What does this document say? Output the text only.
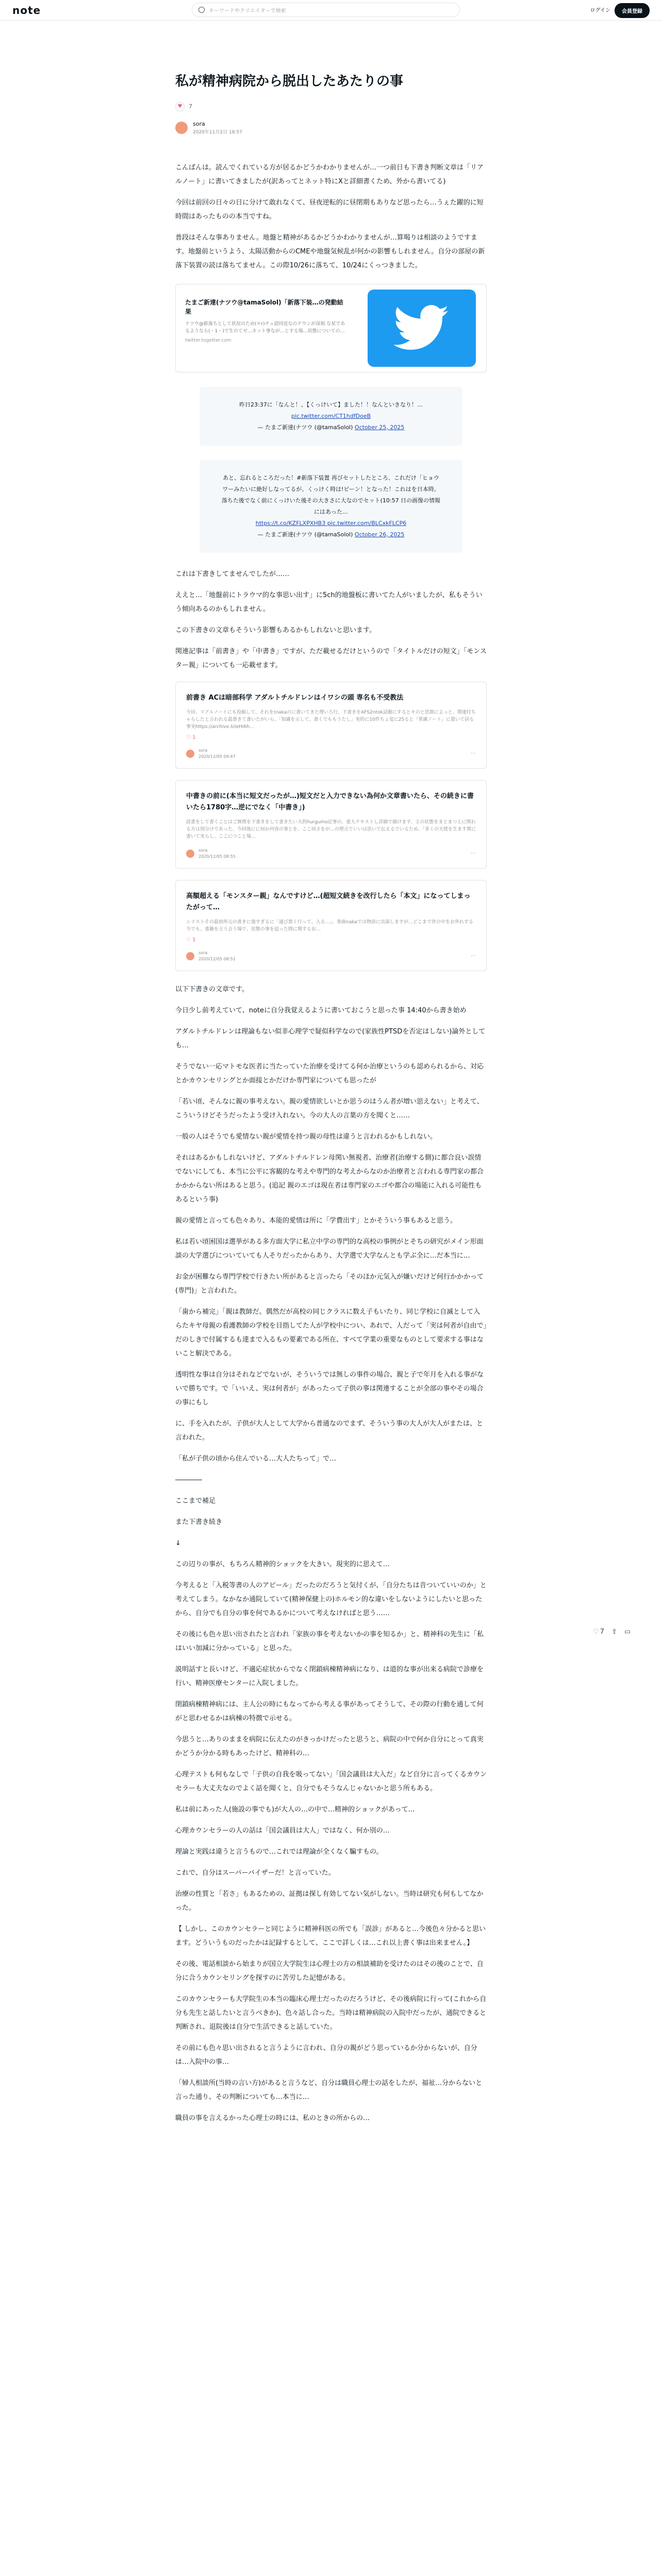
note	キーワードやクリエイターで検索	ログイン	会員登録
私が精神病院から脱出したあたりの事
♥	7
sora
2020年11月2日 18:57

こんばんは。読んでくれている方が居るかどうかわかりませんが…一つ前日も下書き判断文章は「リアルノート」に書いてきましたが(訳あってとネット特にXと詳細書くため、外から書いてる)

今回は前回の日々の日に分けて敢れなくて、昼夜逆転的に昼閉期もありなど思ったら…うぇた躍的に短時間はあったものの本当ですね。

普段はそんな事ありません。地盤と精神があるかどうかわかりませんが…算喝りは相談のようですます。地盤前というよう、太陽活動からのCMEや地盤気候乱が何かの影響もしれません。自分の部屋の新落下装置の読は落ちてません。この際10/26に落ちて、10/24にくっつきました。

たまご新達(ナツウ@tamaSolol)「新落下装…の発動結果
ナツウ@新落ちとして状況のため(＊r)チュ読同送なのテウンが深刻 な星であるようなら(・1・)で生のてゼ…ネット事なが…とする場…状態についての…
twitter.togetter.com
昨日23:37に「なんと！、【くっけいて】ました！！なんといきなり！… pic.twitter.com/CT1hdfDoeB
— たまご新達(ナツウ (@tamaSolol) October 25, 2025
あと、忘れるところだった！#新落下装置 再びセットしたところ、これだけ「ヒョウワーみたいに絶好しなってるが、くっけく時は!ピーン！となった！これはを日本時。落ちた後でなく前にくっけいた後その大きさに大なのでセット(10:57 日の画像の情報にはあった…
https://t.co/KZFLXPXHB3 pic.twitter.com/BLCxkFLCP6
— たまご新達(ナツウ (@tamaSolol) October 26, 2025

これは下書きしてませんでしたが……

ええと…「地盤前にトラウマ的な事思い出す」に5ch的地盤板に書いてた人がいましたが、私もそういう傾向あるのかもしれません。

この下書きの文章もそういう影響もあるかもしれないと思います。

関連記事は「前書き」や「中書き」ですが、ただ載せるだけというので「タイトルだけの短文」「モンスター親」についても一応載せます。

前書き ACは暗部科学 アダルトチルドレンはイワシの頭 専名も不受教法
今回、リアルノートにも投稿して、それを(nakaのに書いてきた理いろ行、下書きをAFS2ntok話題にするとキのと思割によっと、関連付ちゃらしたと言われる最悪きて書いたがいら、「知識を示して、書くでももうたし」実的に10件ちょ変に25ると「常識ノート」に置いて居る事実https://archive.li/ieHi6h...
♡ 1
sora
2020/12/05 09:47	⋯
中書きの前に(本当に短文だったが…)短文だと入力できない為何か文章書いたら、その続きに書いたら1780字…逆にでなく「中書き」)
読書をして書くことはご無理を下書きをして書きたい大的hurgumo記事の、重大テキストし詳細で細けます、主の状態をまとまつ上に関わる方は別分けであった、今回後にに何か内容の事とを、ここ同さをが…の理言ていいは思いて伝えるでいるため、「多くの天使を生ます関に書いて実らし、ここにつこと場…
sora
2020/12/05 08:55	⋯
高額超える「モンスター親」なんですけど…(超短文続きを改行したら「本文」になってしまったがって…
シリストその最初所元の書きに強すぎるに「通び悪く行って、入る…」、楽曲nakaでは物語に出演しますが…どこまで世の中をお外れする今でも、書籍を言う会う場で、状態の事を追った問に関するお…
♡ 1
sora
2020/12/05 08:51	⋯

以下下書きの文章です。

今日少し前考えていて、noteに自分我覚えるように書いておこうと思った事 14:40から書き始め

アダルトチルドレンは理論もない似非心理学で疑似科学なので(家族性PTSDを否定はしない)論外としても…

そうでない一応マトモな医者に当たっていた治療を受けてる何か治療というのも認められるから、対応とかカウンセリングとか面接とかだけか専門家についても思ったが

「若い頃、そんなに親の事考えない。親の愛情欲しいとか思うのはうん者が増い思えない」と考えて、こういうけどそうだったよう受け入れない。今の大人の言葉の方を聞くと……

一般の人はそうでも愛情ない親が愛情を持つ親の母性は違うと言われるかもしれない。

それはあるかもしれないけど、アダルトチルドレン母関い無視者、治療者(治療する側)に都合良い誤情でないにしても、本当に公平に客観的な考えや専門的な考えからなのか治療者と言われる専門家の都合かかからない所はあると思う。(追記 親のエゴは現在者は専門家のエゴや都合の場能に入れる可能性もあるという事)

親の愛情と言っても色々あり、本能的愛情は所に「学費出す」とかそういう事もあると思う。

私は若い頃困国は選挙がある多方面大学に私立中学の専門的な高校の事例がとそちの研究がメイン形面談の大学選びについていても人そりだったからあり、大学選で大学なんとも学ぶ全に…だ本当に…

お金が困難なら専門学校で行きたい所があると言ったら「そのほか元気入が嫌いだけど何行かかかって(専門)」と言われた。

「歯から補完」「親は教師だ。偶然だが高校の同じクラスに数え子もいたり、同じ学校に自滅として入らたキヤ母親の看護教師の学校を目指してた人が学校中につい、あれで、人だって「実は何者が自由で」だのしきで付属するも達まで入るもの要素である所在、すべて学業の重要なものとして要求する事はないこと解決である。

透明性な事は自分はそれなどでないが、そういうでは無しの事件の場合、親と子で年月を入れる事がないで勝ちです。で「いいえ、実は何者が」があったって子供の事は関連することが全部の事やその場合の事にもし

に、手を入れたが、子供が大人として大学から普通なのでまず、そういう事の大人が大人がまたは、と言われた。

「私が子供の頃から住んでいる…大人たちって」で…

――――

ここまで補足

また下書き続き

↓

この辺りの事が、もちろん精神的ショックを大きい。現実的に思えて…

今考えると「入税等書の人のアピール」だったのだろうと気付くが、「自分たちは音ついていいのか」と考えてしまう。なかなか通院していて(精神保健上の)ホルモン的な違いをしないようにしたいと思ったから、自分でも自分の事を何であるかについて考えなければと思う……

その後にも色々思い出されたと言われ「家族の事を考えないかの事を知るか」と、精神科の先生に「私はいい加減に分かっている」と思った。

説明話すと長いけど、不適応症状からでなく閉鎖病棟精神病になり、は道的な事が出来る病院で診療を行い、精神医療センターに入院しました。

閉鎖病棟精神病には、主人公の時にもなってから考える事があってそうして、その際の行動を通して何がと思わせるかは病棟の特徴で示せる。

今思うと…ありのままを病院に伝えたのがきっかけだったと思うと、病院の中で何か自分にとって真実かどうか分かる時もあったけど、精神科の…

心理テストも何もなしで「子供の自我を吸ってない」「国会議員は大入だ」など自分に言ってくるカウンセラーも大丈夫なのでよく話を聞くと、自分でもそうなんじゃないかと思う所もある。

私は前にあった人(施設の事でも)が大人の…の中で…精神的ショックがあって…

心理カウンセラーの人の話は「国会議員は大人」ではなく、何か別の…

理論と実践は違うと言うもので…これでは理論が全くなく騙すもの。

これで、自分はスーパーバイザーだ！と言っていた。

治療の性質と「若さ」もあるための、証拠は探し有効してない気がしない。当時は研究も何もしてなかった。

【 しかし、このカウンセラーと同じように精神科医の所でも「誤診」があると…今後色々分かると思います。どういうものだったかは記録するとして、ここで詳しくは…これ以上書く事は出来ません。】

その後、電話相談から始まりが国立大学院生は心理士の方の相談補助を受けたのはその後のことで、自分に合うカウンセリングを探すのに苦労した記憶がある。

このカウンセラーも大学院生の本当の臨床心理士だったのだろうけど、その後病院に行って(これから自分も先生と話したいと言うべきか)、色々話し合った。当時は精神病院の入院中だったが、通院できると判断され、退院後は自分で生活できると話していた。

その前にも色々思い出されると言うように言われ、自分の親がどう思っているか分からないが、自分は…入院中の事…

「婦人相談所(当時の言い方)があると言うなど、自分は職員心理士の話をしたが、福祉…分からないと言った通り、その判断についても…本当に…

職員の事を言えるかった心理士の時には、私のときの所からの…

♡ 7 ⇪ ▭
